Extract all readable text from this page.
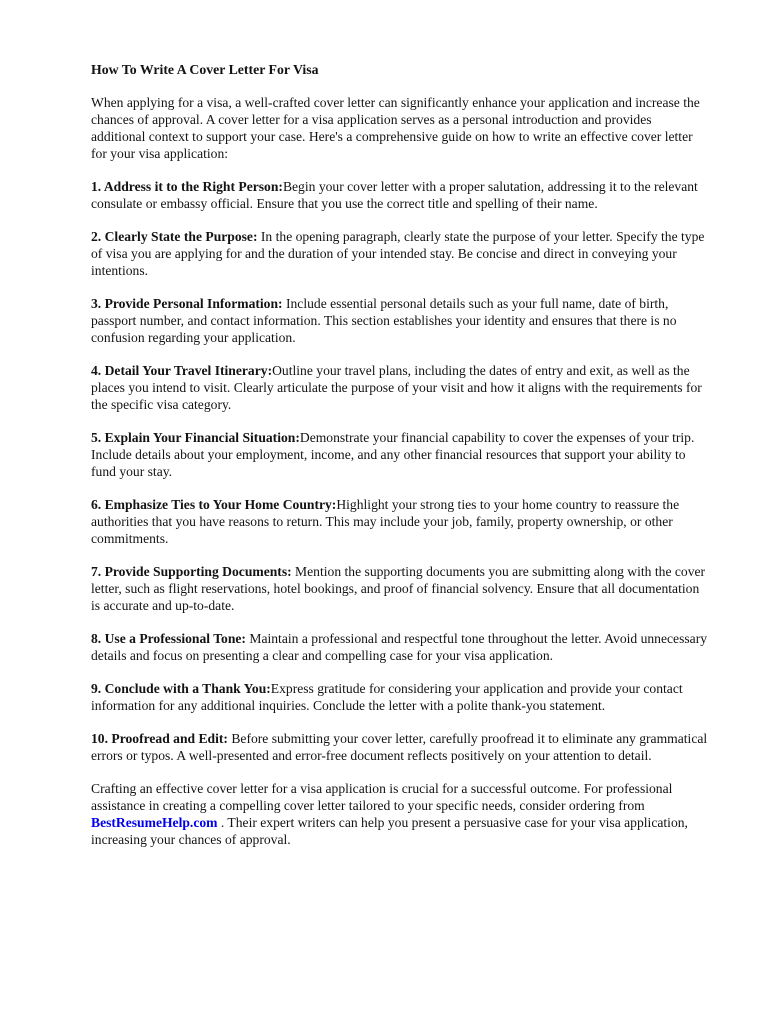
How To Write A Cover Letter For Visa

When applying for a visa, a well-crafted cover letter can significantly enhance your application and increase the chances of approval. A cover letter for a visa application serves as a personal introduction and provides additional context to support your case. Here's a comprehensive guide on how to write an effective cover letter for your visa application:

1. Address it to the Right Person:Begin your cover letter with a proper salutation, addressing it to the relevant consulate or embassy official. Ensure that you use the correct title and spelling of their name.

2. Clearly State the Purpose: In the opening paragraph, clearly state the purpose of your letter. Specify the type of visa you are applying for and the duration of your intended stay. Be concise and direct in conveying your intentions.

3. Provide Personal Information: Include essential personal details such as your full name, date of birth, passport number, and contact information. This section establishes your identity and ensures that there is no confusion regarding your application.

4. Detail Your Travel Itinerary:Outline your travel plans, including the dates of entry and exit, as well as the places you intend to visit. Clearly articulate the purpose of your visit and how it aligns with the requirements for the specific visa category.

5. Explain Your Financial Situation:Demonstrate your financial capability to cover the expenses of your trip. Include details about your employment, income, and any other financial resources that support your ability to fund your stay.

6. Emphasize Ties to Your Home Country:Highlight your strong ties to your home country to reassure the authorities that you have reasons to return. This may include your job, family, property ownership, or other commitments.

7. Provide Supporting Documents: Mention the supporting documents you are submitting along with the cover letter, such as flight reservations, hotel bookings, and proof of financial solvency. Ensure that all documentation is accurate and up-to-date.

8. Use a Professional Tone: Maintain a professional and respectful tone throughout the letter. Avoid unnecessary details and focus on presenting a clear and compelling case for your visa application.

9. Conclude with a Thank You:Express gratitude for considering your application and provide your contact information for any additional inquiries. Conclude the letter with a polite thank-you statement.

10. Proofread and Edit: Before submitting your cover letter, carefully proofread it to eliminate any grammatical errors or typos. A well-presented and error-free document reflects positively on your attention to detail.

Crafting an effective cover letter for a visa application is crucial for a successful outcome. For professional assistance in creating a compelling cover letter tailored to your specific needs, consider ordering from BestResumeHelp.com . Their expert writers can help you present a persuasive case for your visa application, increasing your chances of approval.
